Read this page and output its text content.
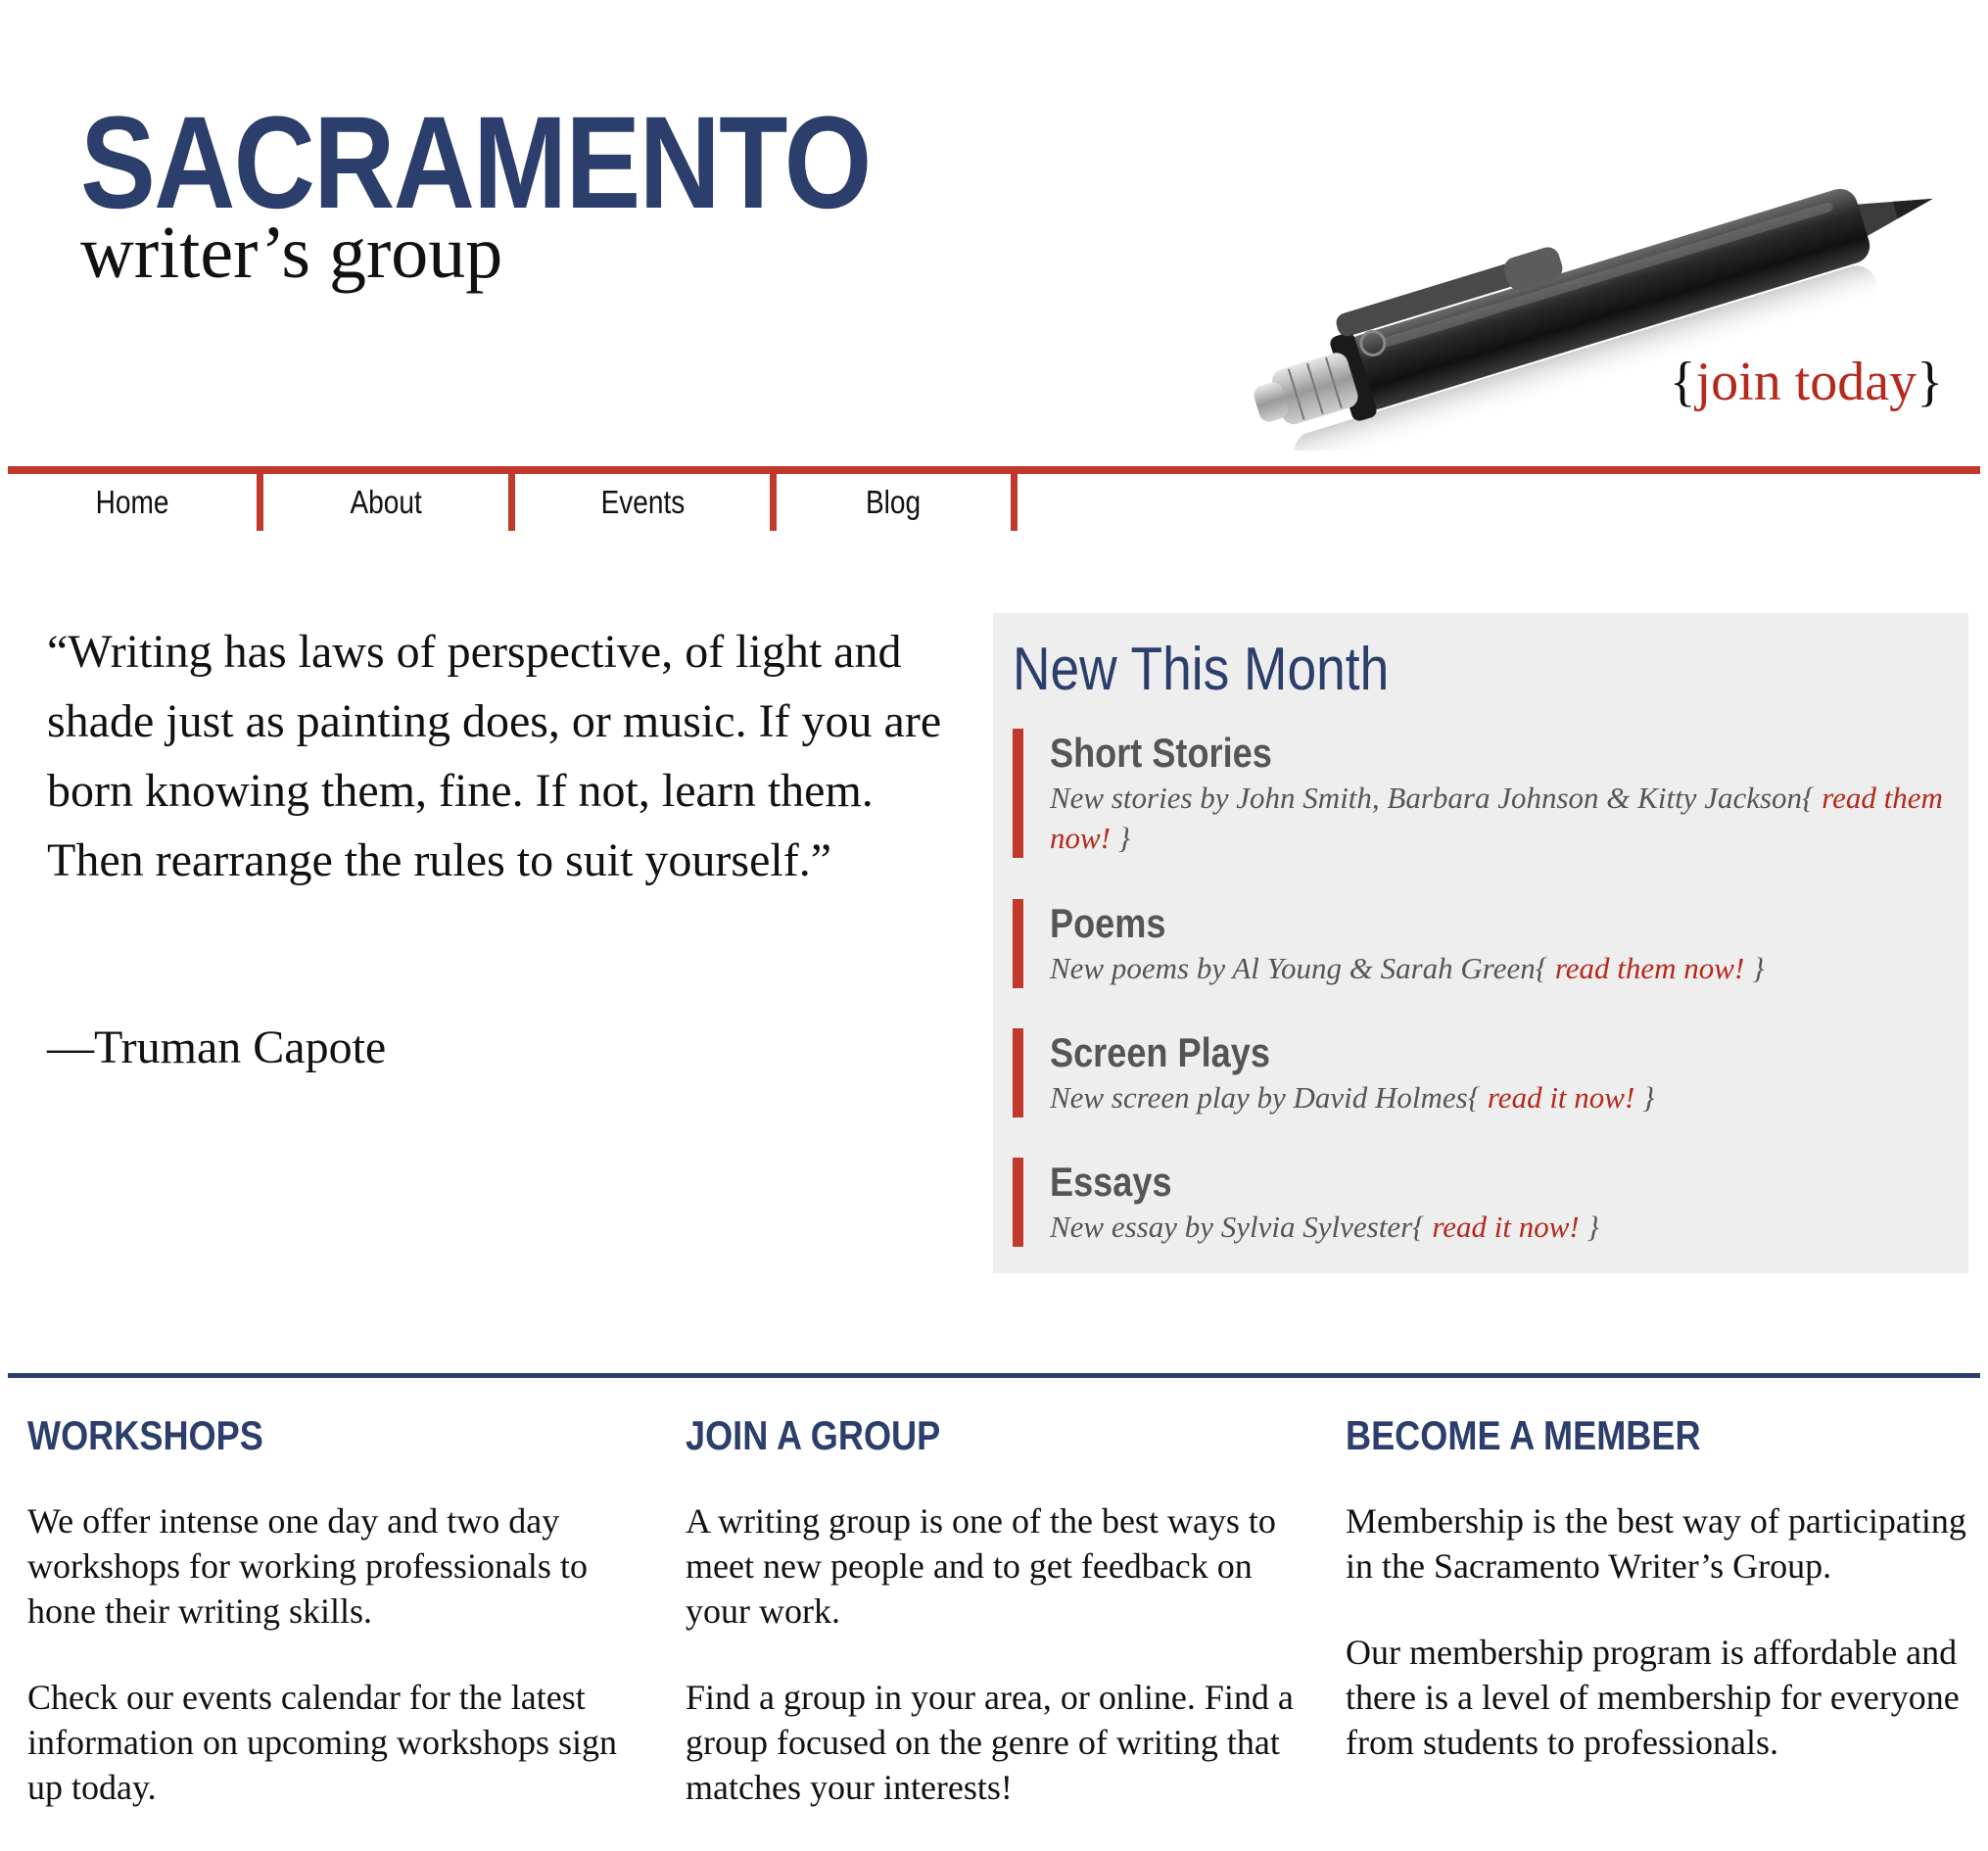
SACRAMENTO
writer’s group
{join today}
Home	About	Events	Blog
“Writing has laws of perspective, of light and shade just as painting does, or music. If you are born knowing them, fine. If not, learn them. Then rearrange the rules to suit yourself.”
—Truman Capote
New This Month
Short Stories

New stories by John Smith, Barbara Johnson & Kitty Jackson{ read them now! }

Poems

New poems by Al Young & Sarah Green{ read them now! }

Screen Plays

New screen play by David Holmes{ read it now! }

Essays

New essay by Sylvia Sylvester{ read it now! }

WORKSHOPS

We offer intense one day and two day workshops for working professionals to hone their writing skills.

Check our events calendar for the latest information on upcoming workshops sign up today.

JOIN A GROUP

A writing group is one of the best ways to meet new people and to get feedback on your work.

Find a group in your area, or online. Find a group focused on the genre of writing that matches your interests!

BECOME A MEMBER

Membership is the best way of participating in the Sacramento Writer’s Group.

Our membership program is affordable and there is a level of membership for everyone from students to professionals.
